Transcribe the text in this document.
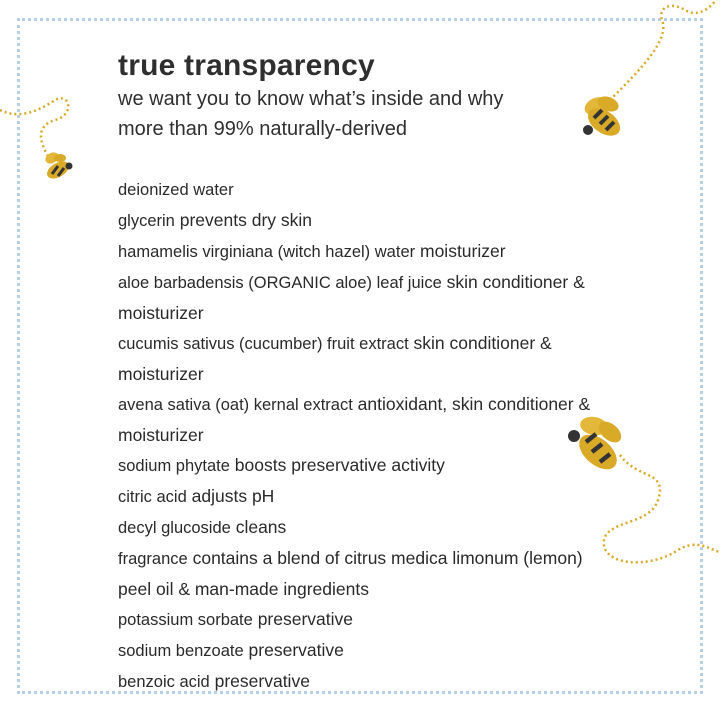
true transparency

we want you to know what’s inside and why

more than 99% naturally-derived

deionized water
glycerin prevents dry skin
hamamelis virginiana (witch hazel) water moisturizer
aloe barbadensis (ORGANIC aloe) leaf juice skin conditioner & moisturizer
cucumis sativus (cucumber) fruit extract skin conditioner & moisturizer
avena sativa (oat) kernal extract antioxidant, skin conditioner & moisturizer
sodium phytate boosts preservative activity
citric acid adjusts pH
decyl glucoside cleans
fragrance contains a blend of citrus medica limonum (lemon) peel oil & man-made ingredients
potassium sorbate preservative
sodium benzoate preservative
benzoic acid preservative
